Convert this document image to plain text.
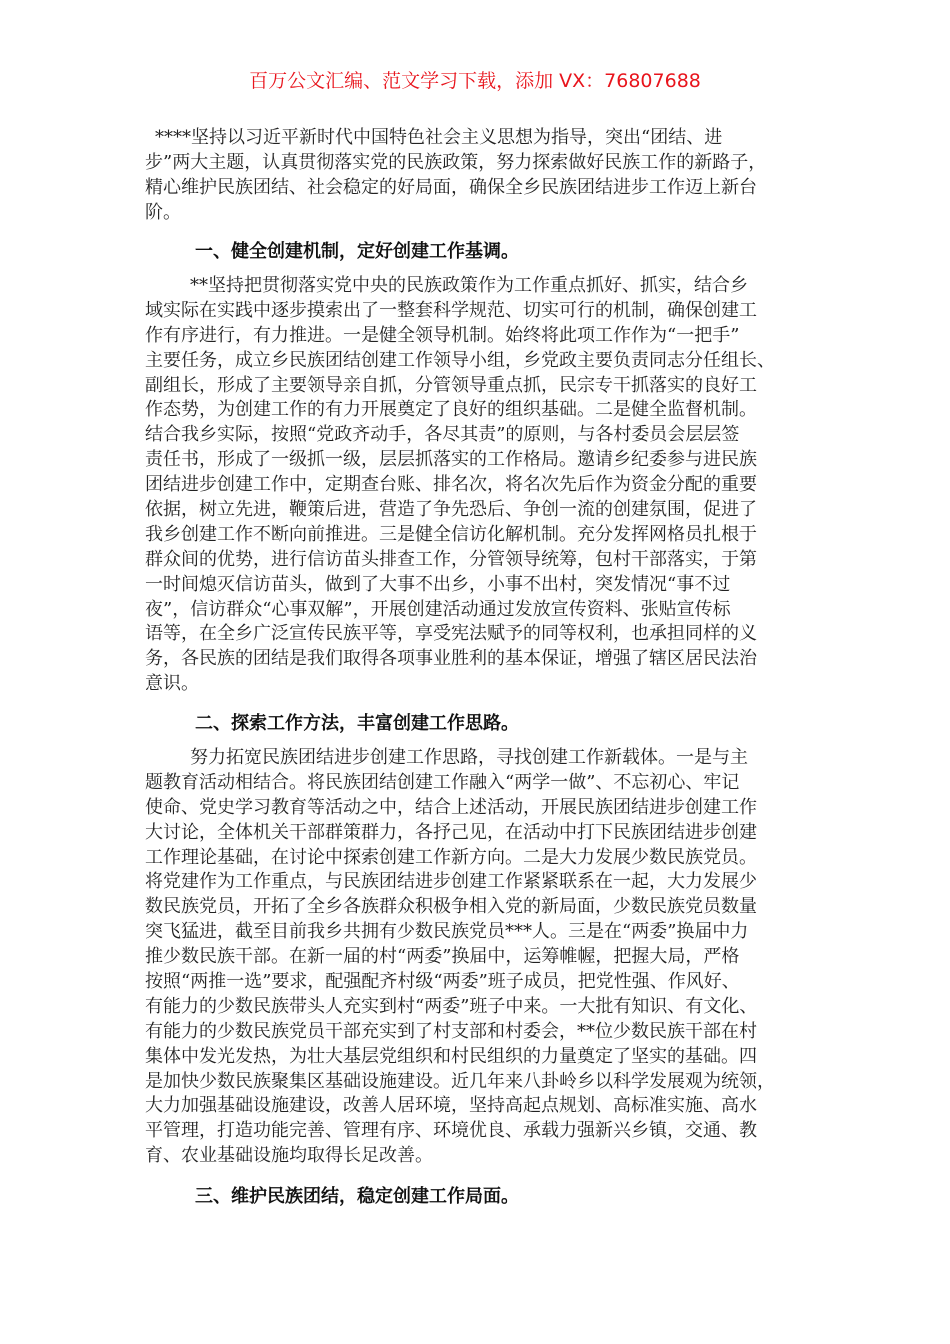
百万公文汇编、范文学习下载，添加 VX：76807688
****坚持以习近平新时代中国特色社会主义思想为指导，突出“团结、进
步”两大主题，认真贯彻落实党的民族政策，努力探索做好民族工作的新路子，
精心维护民族团结、社会稳定的好局面，确保全乡民族团结进步工作迈上新台
阶。
一、健全创建机制，定好创建工作基调。
**坚持把贯彻落实党中央的民族政策作为工作重点抓好、抓实，结合乡
域实际在实践中逐步摸索出了一整套科学规范、切实可行的机制，确保创建工
作有序进行，有力推进。一是健全领导机制。始终将此项工作作为“一把手”
主要任务，成立乡民族团结创建工作领导小组，乡党政主要负责同志分任组长、
副组长，形成了主要领导亲自抓，分管领导重点抓，民宗专干抓落实的良好工
作态势，为创建工作的有力开展奠定了良好的组织基础。二是健全监督机制。
结合我乡实际，按照“党政齐动手，各尽其责”的原则，与各村委员会层层签
责任书，形成了一级抓一级，层层抓落实的工作格局。邀请乡纪委参与进民族
团结进步创建工作中，定期查台账、排名次，将名次先后作为资金分配的重要
依据，树立先进，鞭策后进，营造了争先恐后、争创一流的创建氛围，促进了
我乡创建工作不断向前推进。三是健全信访化解机制。充分发挥网格员扎根于
群众间的优势，进行信访苗头排查工作，分管领导统筹，包村干部落实，于第
一时间熄灭信访苗头，做到了大事不出乡，小事不出村，突发情况“事不过
夜”，信访群众“心事双解”，开展创建活动通过发放宣传资料、张贴宣传标
语等，在全乡广泛宣传民族平等，享受宪法赋予的同等权利，也承担同样的义
务，各民族的团结是我们取得各项事业胜利的基本保证，增强了辖区居民法治
意识。
二、探索工作方法，丰富创建工作思路。
努力拓宽民族团结进步创建工作思路，寻找创建工作新载体。一是与主
题教育活动相结合。将民族团结创建工作融入“两学一做”、不忘初心、牢记
使命、党史学习教育等活动之中，结合上述活动，开展民族团结进步创建工作
大讨论，全体机关干部群策群力，各抒己见，在活动中打下民族团结进步创建
工作理论基础，在讨论中探索创建工作新方向。二是大力发展少数民族党员。
将党建作为工作重点，与民族团结进步创建工作紧紧联系在一起，大力发展少
数民族党员，开拓了全乡各族群众积极争相入党的新局面，少数民族党员数量
突飞猛进，截至目前我乡共拥有少数民族党员***人。三是在“两委”换届中力
推少数民族干部。在新一届的村“两委”换届中，运筹帷幄，把握大局，严格
按照“两推一选”要求，配强配齐村级“两委”班子成员，把党性强、作风好、
有能力的少数民族带头人充实到村“两委”班子中来。一大批有知识、有文化、
有能力的少数民族党员干部充实到了村支部和村委会，**位少数民族干部在村
集体中发光发热，为壮大基层党组织和村民组织的力量奠定了坚实的基础。四
是加快少数民族聚集区基础设施建设。近几年来八卦岭乡以科学发展观为统领，
大力加强基础设施建设，改善人居环境，坚持高起点规划、高标准实施、高水
平管理，打造功能完善、管理有序、环境优良、承载力强新兴乡镇，交通、教
育、农业基础设施均取得长足改善。
三、维护民族团结，稳定创建工作局面。
